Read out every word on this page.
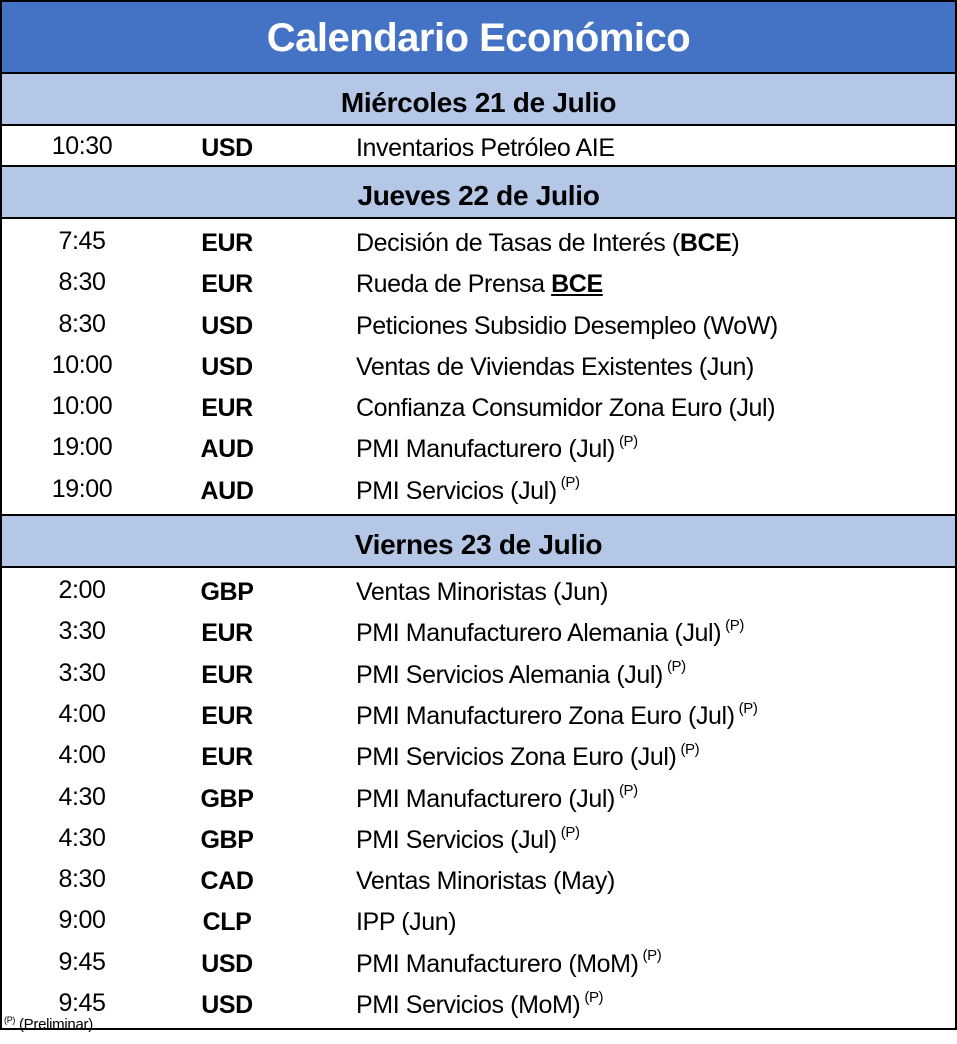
Calendario Económico
Miércoles 21 de Julio
10:30	USD	Inventarios Petróleo AIE
Jueves 22 de Julio
7:45	EUR	Decisión de Tasas de Interés (BCE)
8:30	EUR	Rueda de Prensa BCE
8:30	USD	Peticiones Subsidio Desempleo (WoW)
10:00	USD	Ventas de Viviendas Existentes (Jun)
10:00	EUR	Confianza Consumidor Zona Euro (Jul)
19:00	AUD	PMI Manufacturero (Jul) $^{(P)}$
19:00	AUD	PMI Servicios (Jul) $^{(P)}$
Viernes 23 de Julio
2:00	GBP	Ventas Minoristas (Jun)
3:30	EUR	PMI Manufacturero Alemania (Jul) $^{(P)}$
3:30	EUR	PMI Servicios Alemania (Jul) $^{(P)}$
4:00	EUR	PMI Manufacturero Zona Euro (Jul) $^{(P)}$
4:00	EUR	PMI Servicios Zona Euro (Jul) $^{(P)}$
4:30	GBP	PMI Manufacturero (Jul) $^{(P)}$
4:30	GBP	PMI Servicios (Jul) $^{(P)}$
8:30	CAD	Ventas Minoristas (May)
9:00	CLP	IPP (Jun)
9:45	USD	PMI Manufacturero (MoM) $^{(P)}$
9:45	USD	PMI Servicios (MoM) $^{(P)}$
$^{(P)}$ (Preliminar)
